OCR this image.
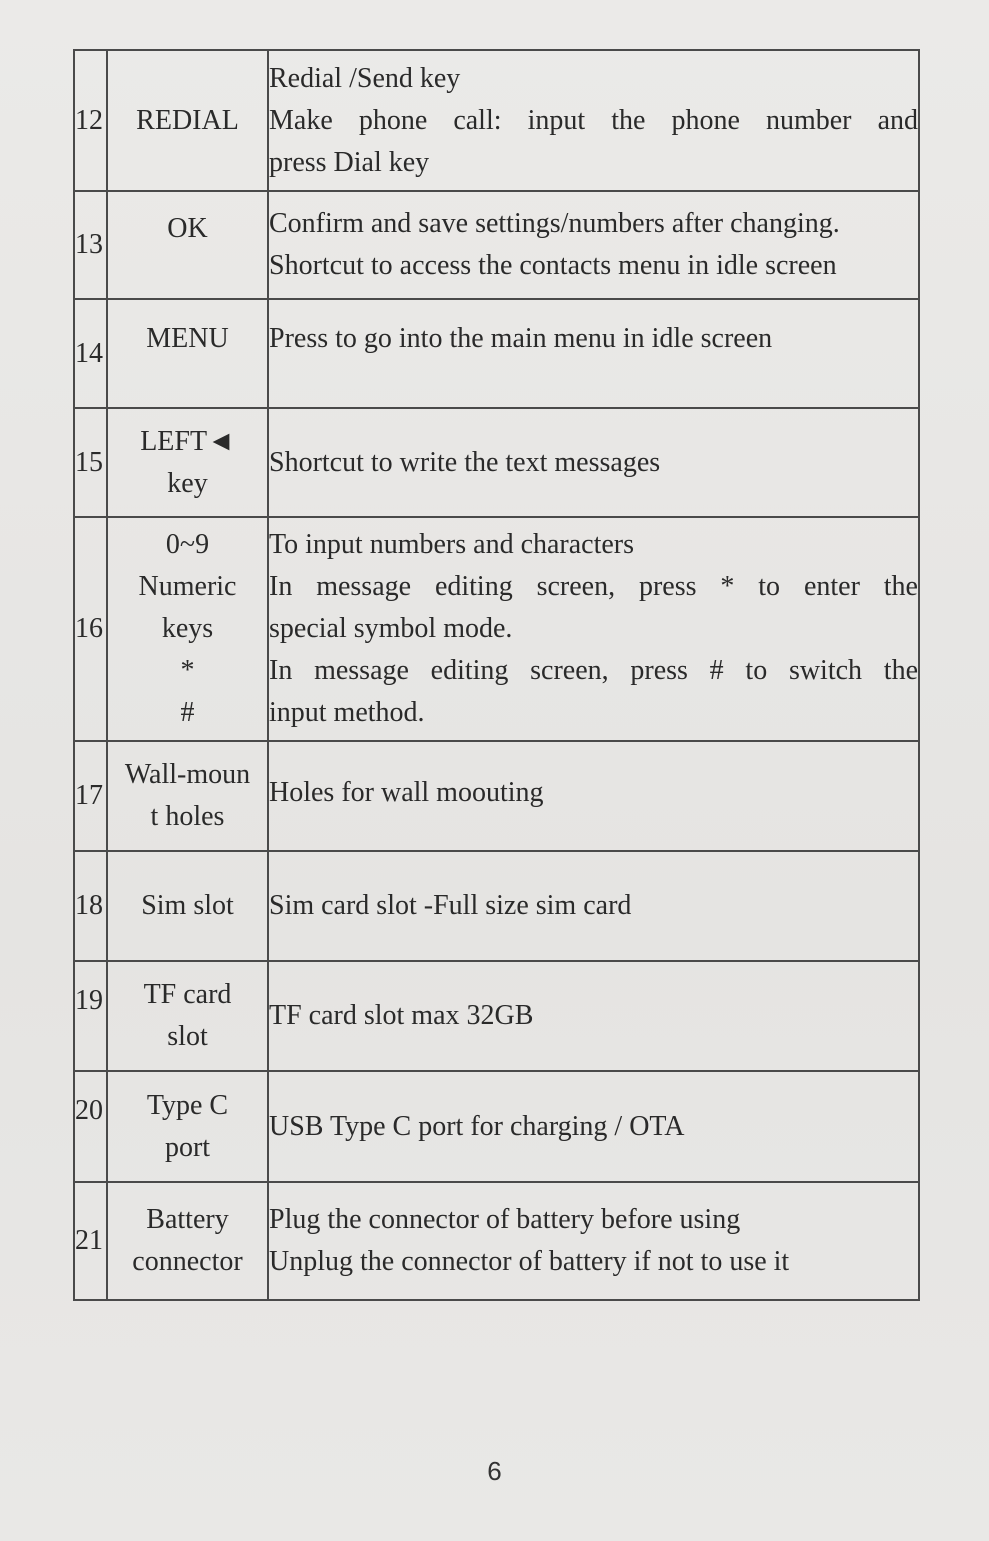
12	REDIAL	Redial /Send key
Make phone call: input the phone number and
press Dial key

13	OK	Confirm and save settings/numbers after changing.
Shortcut to access the contacts menu in idle screen

14	MENU	Press to go into the main menu in idle screen

15	LEFT◄
key	Shortcut to write the text messages

16	0~9
Numeric
keys
*
#	To input numbers and characters
In message editing screen, press * to enter the
special symbol mode.
In message editing screen, press # to switch the
input method.

17	Wall-moun
t holes	Holes for wall moouting

18	Sim slot	Sim card slot -Full size sim card

19	TF card
slot	TF card slot max 32GB

20	Type C
port	USB Type C port for charging / OTA

21	Battery
connector	Plug the connector of battery before using
Unplug the connector of battery if not to use it
6
